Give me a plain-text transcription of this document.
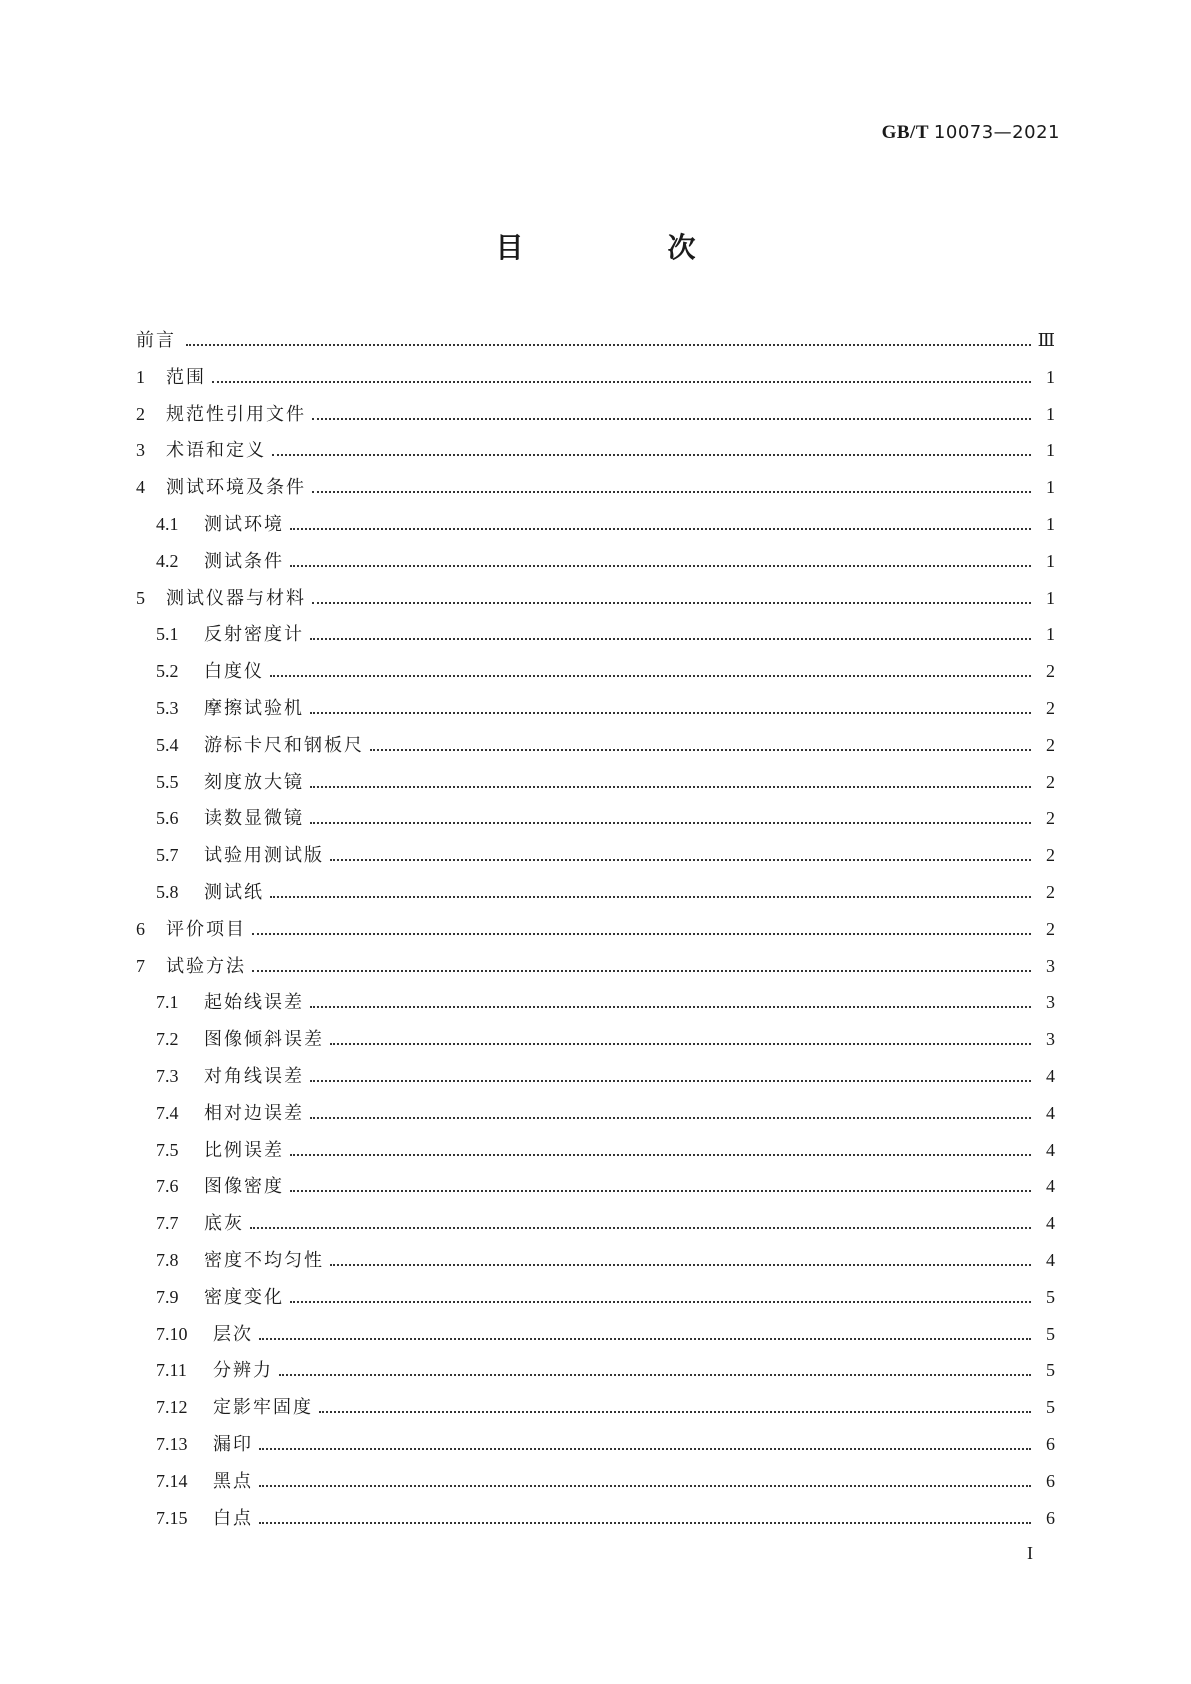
GB/T 10073—2021
目　次
前言	Ⅲ
1	范围	1
2	规范性引用文件	1
3	术语和定义	1
4	测试环境及条件	1
4.1	测试环境	1
4.2	测试条件	1
5	测试仪器与材料	1
5.1	反射密度计	1
5.2	白度仪	2
5.3	摩擦试验机	2
5.4	游标卡尺和钢板尺	2
5.5	刻度放大镜	2
5.6	读数显微镜	2
5.7	试验用测试版	2
5.8	测试纸	2
6	评价项目	2
7	试验方法	3
7.1	起始线误差	3
7.2	图像倾斜误差	3
7.3	对角线误差	4
7.4	相对边误差	4
7.5	比例误差	4
7.6	图像密度	4
7.7	底灰	4
7.8	密度不均匀性	4
7.9	密度变化	5
7.10	层次	5
7.11	分辨力	5
7.12	定影牢固度	5
7.13	漏印	6
7.14	黑点	6
7.15	白点	6
I
